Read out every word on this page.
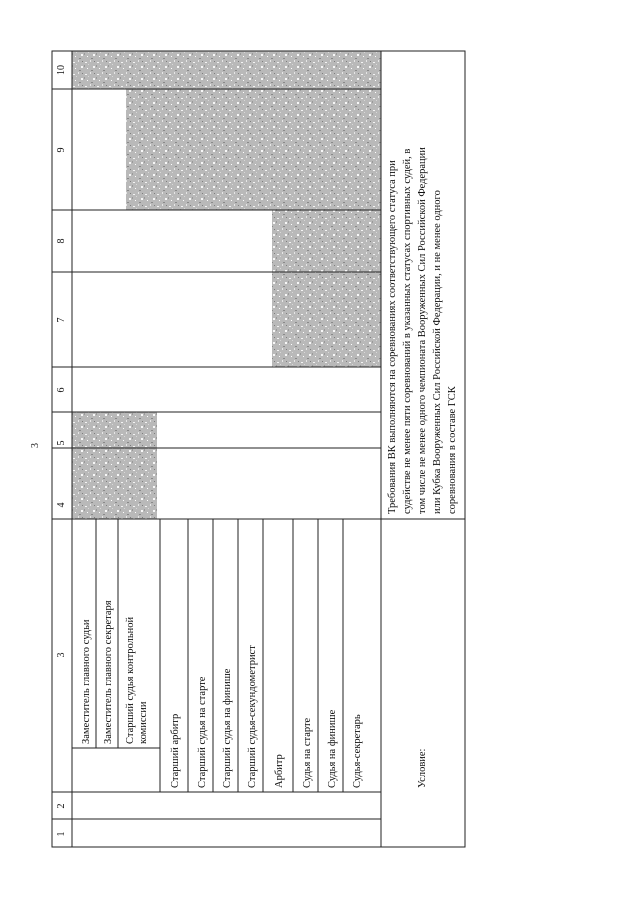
1
2
3
4
5
6
7
8
9
10
Заместитель главного судьи Заместитель главного секретаря Старший судья контрольной комиссии Старший арбитр Старший судья на старте Старший судья на финише Старший судья-секундометрист Арбитр Судья на старте Судья на финише Судья-секретарь	Условие:
Требования ВК выполняются на соревнованиях соответствующего статуса при судействе не менее пяти соревнований в указанных статусах спортивных судей, в том числе не менее одного чемпионата Вооруженных Сил Российской Федерации или Кубка Вооруженных Сил Российской Федерации, и не менее одного соревнования в составе ГСК
3
